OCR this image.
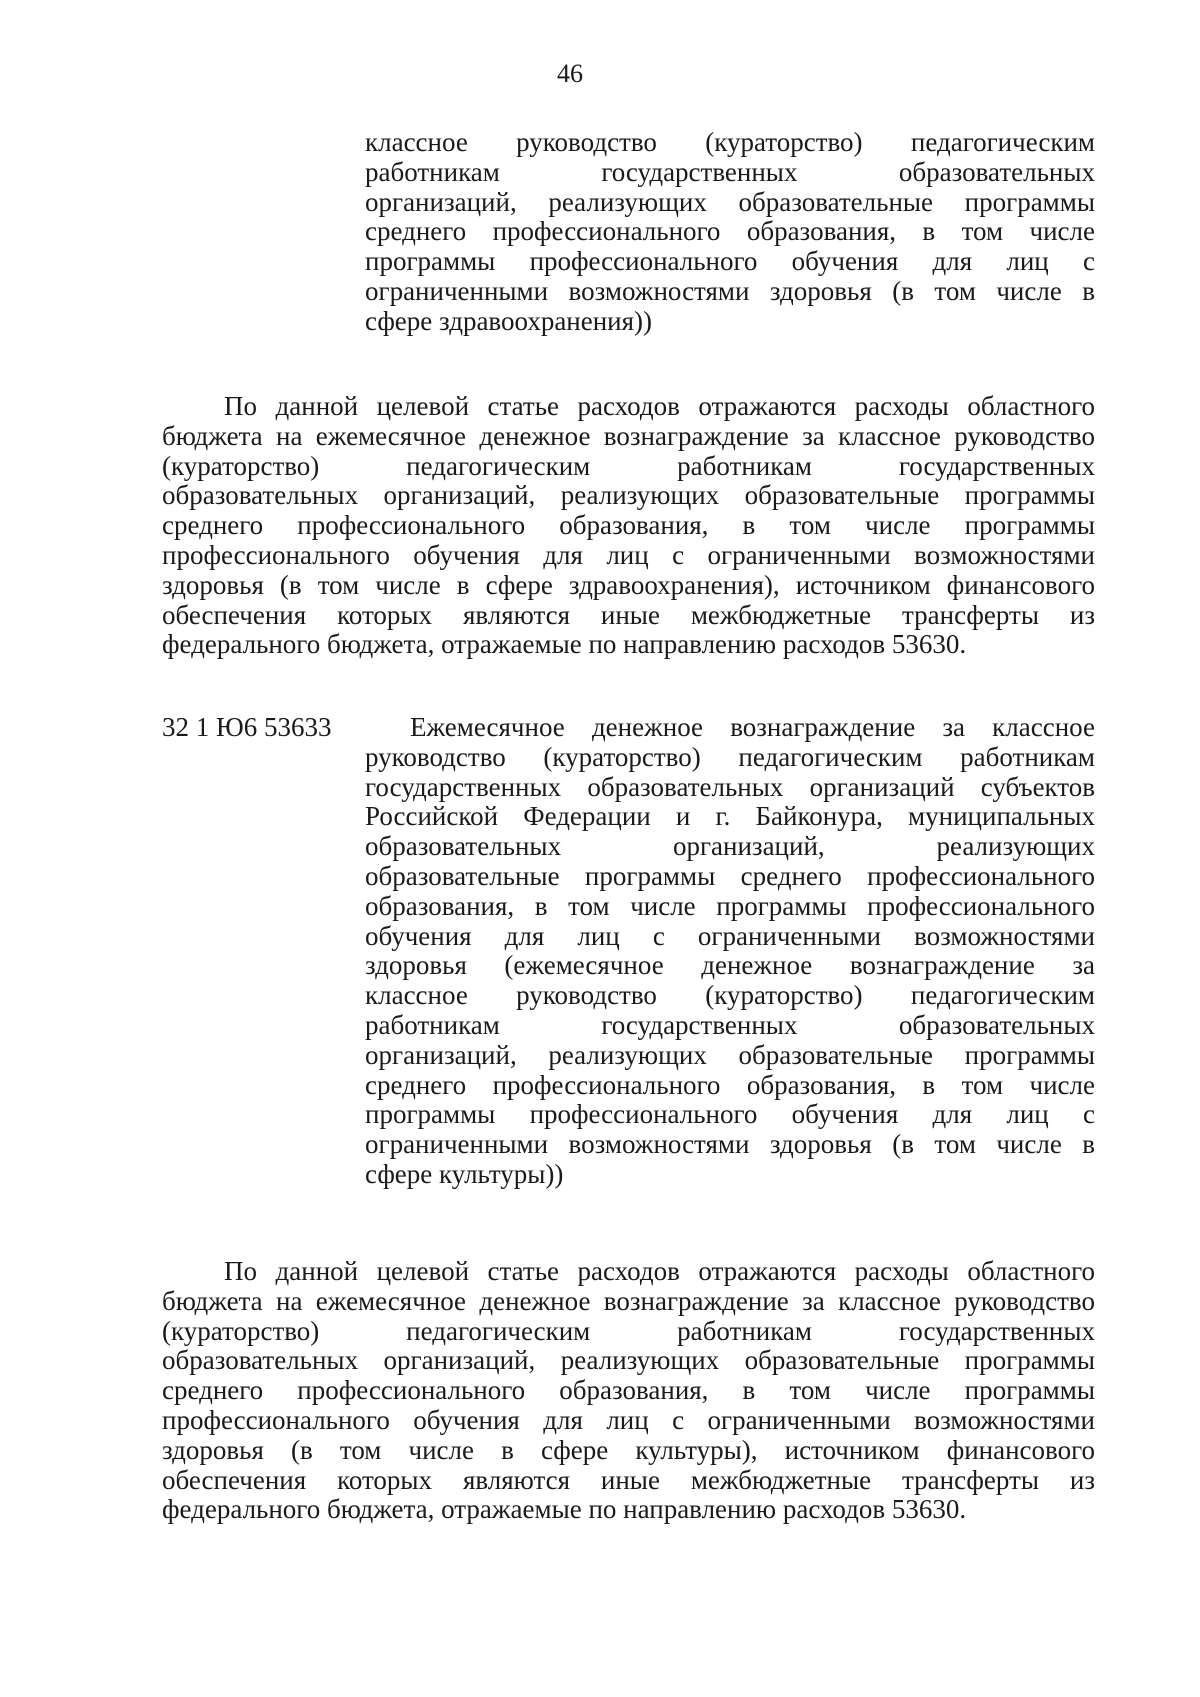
46
классное руководство (кураторство) педагогическим
работникам государственных образовательных
организаций, реализующих образовательные программы
среднего профессионального образования, в том числе
программы профессионального обучения для лиц с
ограниченными возможностями здоровья (в том числе в
сфере здравоохранения))
По данной целевой статье расходов отражаются расходы областного
бюджета на ежемесячное денежное вознаграждение за классное руководство
(кураторство) педагогическим работникам государственных
образовательных организаций, реализующих образовательные программы
среднего профессионального образования, в том числе программы
профессионального обучения для лиц с ограниченными возможностями
здоровья (в том числе в сфере здравоохранения), источником финансового
обеспечения которых являются иные межбюджетные трансферты из
федерального бюджета, отражаемые по направлению расходов 53630.
32 1 Ю6 53633	Ежемесячное денежное вознаграждение за классное
руководство (кураторство) педагогическим работникам
государственных образовательных организаций субъектов
Российской Федерации и г. Байконура, муниципальных
образовательных организаций, реализующих
образовательные программы среднего профессионального
образования, в том числе программы профессионального
обучения для лиц с ограниченными возможностями
здоровья (ежемесячное денежное вознаграждение за
классное руководство (кураторство) педагогическим
работникам государственных образовательных
организаций, реализующих образовательные программы
среднего профессионального образования, в том числе
программы профессионального обучения для лиц с
ограниченными возможностями здоровья (в том числе в
сфере культуры))
По данной целевой статье расходов отражаются расходы областного
бюджета на ежемесячное денежное вознаграждение за классное руководство
(кураторство) педагогическим работникам государственных
образовательных организаций, реализующих образовательные программы
среднего профессионального образования, в том числе программы
профессионального обучения для лиц с ограниченными возможностями
здоровья (в том числе в сфере культуры), источником финансового
обеспечения которых являются иные межбюджетные трансферты из
федерального бюджета, отражаемые по направлению расходов 53630.
